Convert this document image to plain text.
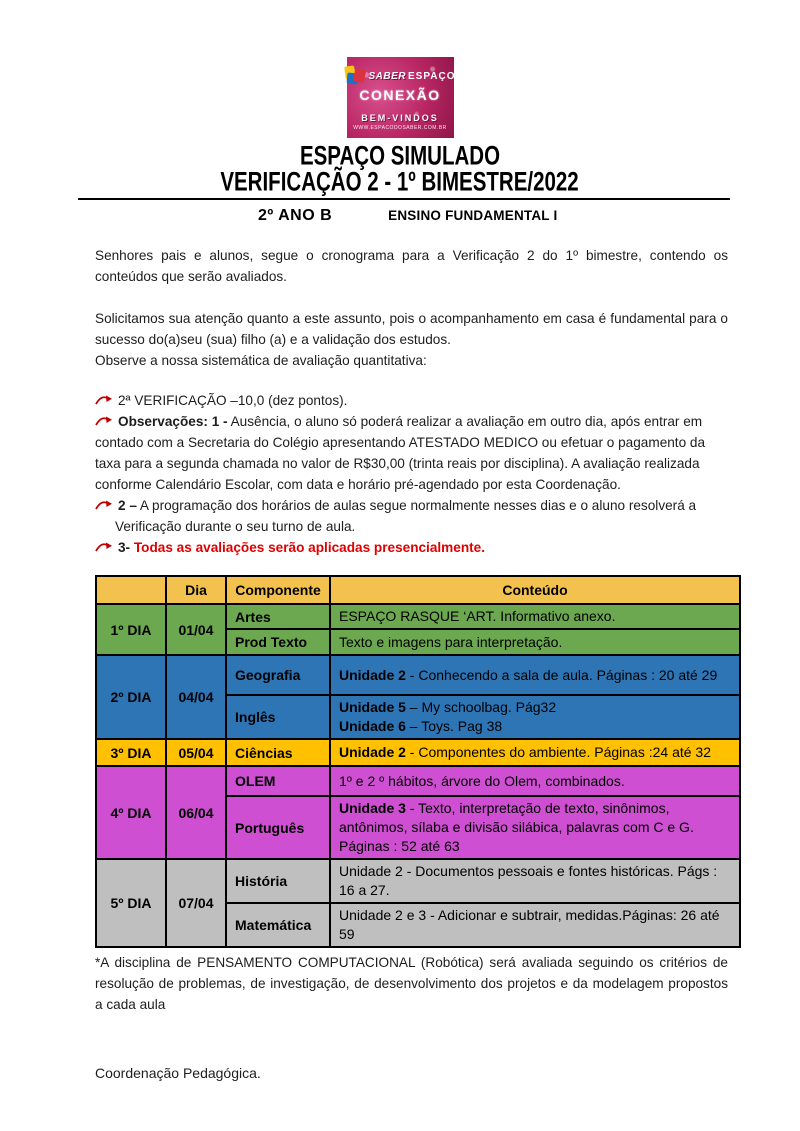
SABER ESPAÇO
CONEXÃO
BEM-VINDOS
WWW.ESPACODOSABER.COM.BR
ESPAÇO SIMULADO
VERIFICAÇÃO 2 - 1º BIMESTRE/2022
2º ANO B	ENSINO FUNDAMENTAL I
Senhores pais e alunos, segue o cronograma para a Verificação 2 do 1º bimestre, contendo os conteúdos que serão avaliados.
Solicitamos sua atenção quanto a este assunto, pois o acompanhamento em casa é fundamental para o sucesso do(a)seu (sua) filho (a) e a validação dos estudos.
Observe a nossa sistemática de avaliação quantitativa:
2ª VERIFICAÇÃO –10,0 (dez pontos).
Observações: 1 - Ausência, o aluno só poderá realizar a avaliação em outro dia, após entrar em contado com a Secretaria do Colégio apresentando ATESTADO MEDICO ou efetuar o pagamento da taxa para a segunda chamada no valor de R$30,00 (trinta reais por disciplina). A avaliação realizada conforme Calendário Escolar, com data e horário pré-agendado por esta Coordenação.
2 – A programação dos horários de aulas segue normalmente nesses dias e o aluno resolverá a Verificação durante o seu turno de aula.
3- Todas as avaliações serão aplicadas presencialmente.
	Dia	Componente	Conteúdo
1º DIA	01/04	Artes	ESPAÇO RASQUE ‘ART. Informativo anexo.
		Prod Texto	Texto e imagens para interpretação.
2º DIA	04/04	Geografia	Unidade 2 - Conhecendo a sala de aula. Páginas : 20 até 29
		Inglês	Unidade 5 – My schoolbag. Pág32
Unidade 6 – Toys. Pag 38
3º DIA	05/04	Ciências	Unidade 2 - Componentes do ambiente. Páginas :24 até 32
4º DIA	06/04	OLEM	1º e 2 º hábitos, árvore do Olem, combinados.
		Português	Unidade 3 - Texto, interpretação de texto, sinônimos, antônimos, sílaba e divisão silábica, palavras com C e G. Páginas : 52 até 63
5º DIA	07/04	História	Unidade 2 - Documentos pessoais e fontes históricas. Págs : 16 a 27.
		Matemática	Unidade 2 e 3 - Adicionar e subtrair, medidas.Páginas: 26 até 59
*A disciplina de PENSAMENTO COMPUTACIONAL (Robótica) será avaliada seguindo os critérios de resolução de problemas, de investigação, de desenvolvimento dos projetos e da modelagem propostos a cada aula
Coordenação Pedagógica.
